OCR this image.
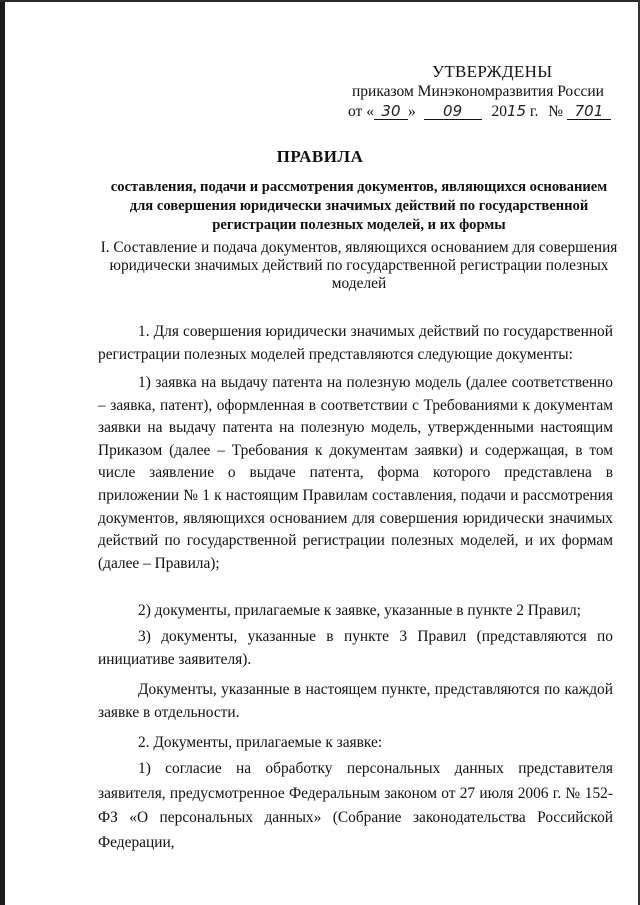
УТВЕРЖДЕНЫ
приказом Минэкономразвития России
от « 30 » 09 2015 г. № 701
ПРАВИЛА
составления, подачи и рассмотрения документов, являющихся основанием для совершения юридически значимых действий по государственной регистрации полезных моделей, и их формы
I. Составление и подача документов, являющихся основанием для совершения юридически значимых действий по государственной регистрации полезных моделей
1. Для совершения юридически значимых действий по государственной регистрации полезных моделей представляются следующие документы:
1) заявка на выдачу патента на полезную модель (далее соответственно – заявка, патент), оформленная в соответствии с Требованиями к документам заявки на выдачу патента на полезную модель, утвержденными настоящим Приказом (далее – Требования к документам заявки) и содержащая, в том числе заявление о выдаче патента, форма которого представлена в приложении № 1 к настоящим Правилам составления, подачи и рассмотрения документов, являющихся основанием для совершения юридически значимых действий по государственной регистрации полезных моделей, и их формам (далее – Правила);
2) документы, прилагаемые к заявке, указанные в пункте 2 Правил;
3) документы, указанные в пункте 3 Правил (представляются по инициативе заявителя).
Документы, указанные в настоящем пункте, представляются по каждой заявке в отдельности.
2. Документы, прилагаемые к заявке:
1) согласие на обработку персональных данных представителя заявителя, предусмотренное Федеральным законом от 27 июля 2006 г. № 152-ФЗ «О персональных данных» (Собрание законодательства Российской Федерации,
